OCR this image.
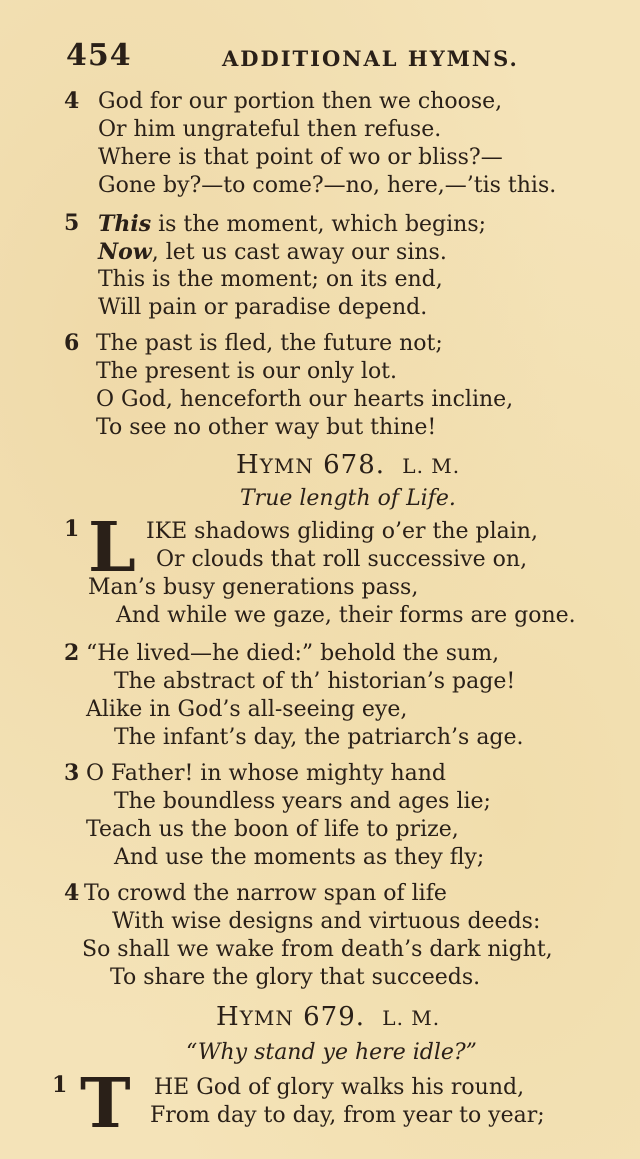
454	ADDITIONAL HYMNS.
4 God for our portion then we choose,
Or him ungrateful then refuse.
Where is that point of wo or bliss?—
Gone by?—to come?—no, here,—’tis this.
5 This is the moment, which begins;
Now, let us cast away our sins.
This is the moment; on its end,
Will pain or paradise depend.
6 The past is fled, the future not;
The present is our only lot.
O God, henceforth our hearts incline,
To see no other way but thine!
HYMN 678. L. M.
True length of Life.
1 L IKE shadows gliding o’er the plain,
Or clouds that roll successive on,
Man’s busy generations pass,
And while we gaze, their forms are gone.
2 “He lived—he died:” behold the sum,
The abstract of th’ historian’s page!
Alike in God’s all-seeing eye,
The infant’s day, the patriarch’s age.
3 O Father! in whose mighty hand
The boundless years and ages lie;
Teach us the boon of life to prize,
And use the moments as they fly;
4 To crowd the narrow span of life
With wise designs and virtuous deeds:
So shall we wake from death’s dark night,
To share the glory that succeeds.
HYMN 679. L. M.
“Why stand ye here idle?”
1 T HE God of glory walks his round,
From day to day, from year to year;
